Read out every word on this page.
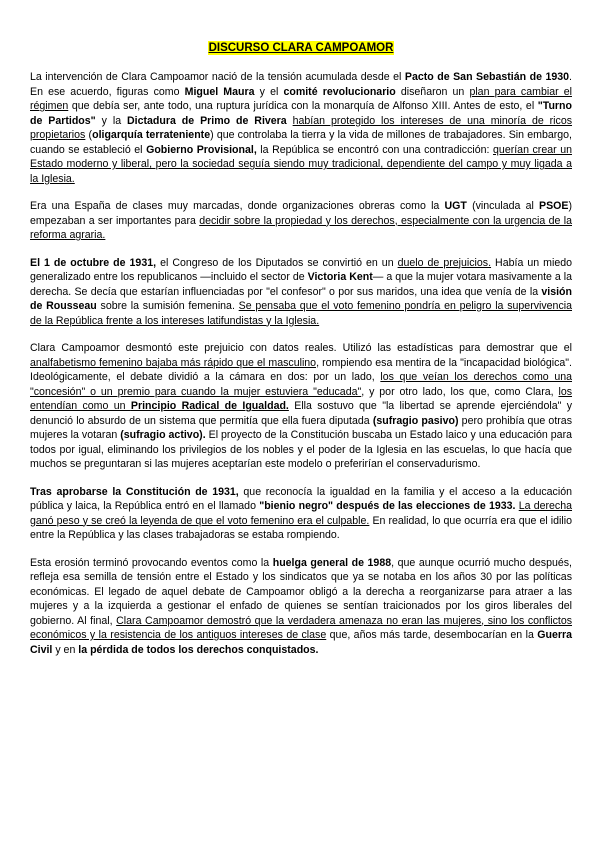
DISCURSO CLARA CAMPOAMOR

La intervención de Clara Campoamor nació de la tensión acumulada desde el Pacto de San Sebastián de 1930. En ese acuerdo, figuras como Miguel Maura y el comité revolucionario diseñaron un plan para cambiar el régimen que debía ser, ante todo, una ruptura jurídica con la monarquía de Alfonso XIII. Antes de esto, el "Turno de Partidos" y la Dictadura de Primo de Rivera habían protegido los intereses de una minoría de ricos propietarios (oligarquía terrateniente) que controlaba la tierra y la vida de millones de trabajadores. Sin embargo, cuando se estableció el Gobierno Provisional, la República se encontró con una contradicción: querían crear un Estado moderno y liberal, pero la sociedad seguía siendo muy tradicional, dependiente del campo y muy ligada a la Iglesia.

Era una España de clases muy marcadas, donde organizaciones obreras como la UGT (vinculada al PSOE) empezaban a ser importantes para decidir sobre la propiedad y los derechos, especialmente con la urgencia de la reforma agraria.

El 1 de octubre de 1931, el Congreso de los Diputados se convirtió en un duelo de prejuicios. Había un miedo generalizado entre los republicanos —incluido el sector de Victoria Kent— a que la mujer votara masivamente a la derecha. Se decía que estarían influenciadas por "el confesor" o por sus maridos, una idea que venía de la visión de Rousseau sobre la sumisión femenina. Se pensaba que el voto femenino pondría en peligro la supervivencia de la República frente a los intereses latifundistas y la Iglesia.

Clara Campoamor desmontó este prejuicio con datos reales. Utilizó las estadísticas para demostrar que el analfabetismo femenino bajaba más rápido que el masculino, rompiendo esa mentira de la "incapacidad biológica". Ideológicamente, el debate dividió a la cámara en dos: por un lado, los que veían los derechos como una "concesión" o un premio para cuando la mujer estuviera "educada", y por otro lado, los que, como Clara, los entendían como un Principio Radical de Igualdad. Ella sostuvo que "la libertad se aprende ejerciéndola" y denunció lo absurdo de un sistema que permitía que ella fuera diputada (sufragio pasivo) pero prohibía que otras mujeres la votaran (sufragio activo). El proyecto de la Constitución buscaba un Estado laico y una educación para todos por igual, eliminando los privilegios de los nobles y el poder de la Iglesia en las escuelas, lo que hacía que muchos se preguntaran si las mujeres aceptarían este modelo o preferirían el conservadurismo.

Tras aprobarse la Constitución de 1931, que reconocía la igualdad en la familia y el acceso a la educación pública y laica, la República entró en el llamado "bienio negro" después de las elecciones de 1933. La derecha ganó peso y se creó la leyenda de que el voto femenino era el culpable. En realidad, lo que ocurría era que el idilio entre la República y las clases trabajadoras se estaba rompiendo.

Esta erosión terminó provocando eventos como la huelga general de 1988, que aunque ocurrió mucho después, refleja esa semilla de tensión entre el Estado y los sindicatos que ya se notaba en los años 30 por las políticas económicas. El legado de aquel debate de Campoamor obligó a la derecha a reorganizarse para atraer a las mujeres y a la izquierda a gestionar el enfado de quienes se sentían traicionados por los giros liberales del gobierno. Al final, Clara Campoamor demostró que la verdadera amenaza no eran las mujeres, sino los conflictos económicos y la resistencia de los antiguos intereses de clase que, años más tarde, desembocarían en la Guerra Civil y en la pérdida de todos los derechos conquistados.
